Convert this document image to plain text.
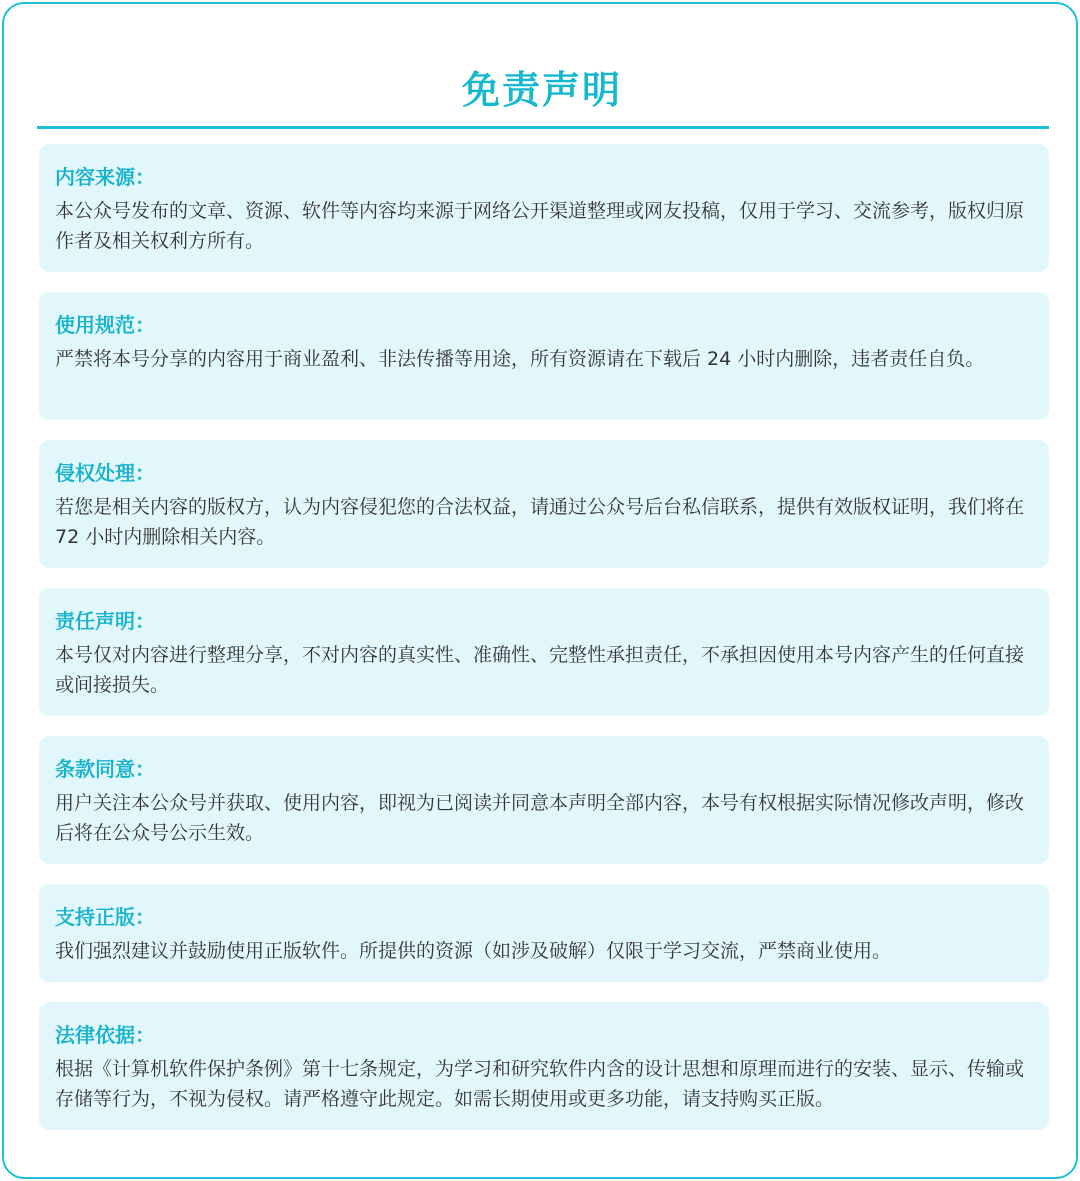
免责声明

内容来源：

本公众号发布的文章、资源、软件等内容均来源于网络公开渠道整理或网友投稿，仅用于学习、交流参考，版权归原作者及相关权利方所有。

使用规范：

严禁将本号分享的内容用于商业盈利、非法传播等用途，所有资源请在下载后 24 小时内删除，违者责任自负。

侵权处理：

若您是相关内容的版权方，认为内容侵犯您的合法权益，请通过公众号后台私信联系，提供有效版权证明，我们将在 72 小时内删除相关内容。

责任声明：

本号仅对内容进行整理分享，不对内容的真实性、准确性、完整性承担责任，不承担因使用本号内容产生的任何直接或间接损失。

条款同意：

用户关注本公众号并获取、使用内容，即视为已阅读并同意本声明全部内容，本号有权根据实际情况修改声明，修改后将在公众号公示生效。

支持正版：

我们强烈建议并鼓励使用正版软件。所提供的资源（如涉及破解）仅限于学习交流，严禁商业使用。

法律依据：

根据《计算机软件保护条例》第十七条规定，为学习和研究软件内含的设计思想和原理而进行的安装、显示、传输或存储等行为，不视为侵权。请严格遵守此规定。如需长期使用或更多功能，请支持购买正版。
